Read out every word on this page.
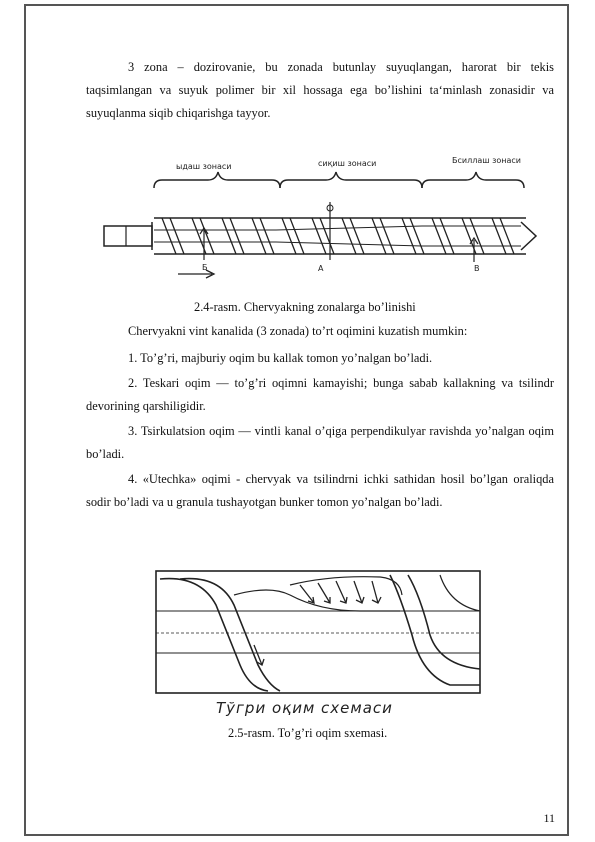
3 zona – dozirovanie, bu zonada butunlay suyuqlangan, harorat bir tekis taqsimlangan va suyuk polimer bir xil hossaga ega bo’lishini ta‘minlash zonasidir va suyuqlanma siqib chiqarishga tayyor.

ыдаш зонаси	сиқиш зонаси	Бсиллаш зонаси
Б	А	В
2.4-rasm. Chervyakning zonalarga bo’linishi

Chervyakni vint kanalida (3 zonada) to’rt oqimini kuzatish mumkin:

1. To’g’ri, majburiy oqim bu kallak tomon yo’nalgan bo’ladi.

2. Teskari oqim — to’g’ri oqimni kamayishi; bunga sabab kallakning va tsilindr devorining qarshiligidir.

3. Tsirkulatsion oqim — vintli kanal o’qiga perpendikulyar ravishda yo’nalgan oqim bo’ladi.

4. «Utechka» oqimi - chervyak va tsilindrni ichki sathidan hosil bo’lgan oraliqda sodir bo’ladi va u granula tushayotgan bunker tomon yo’nalgan bo’ladi.

Тўгри оқим схемаси
2.5-rasm. To’g’ri oqim sxemasi.
11
